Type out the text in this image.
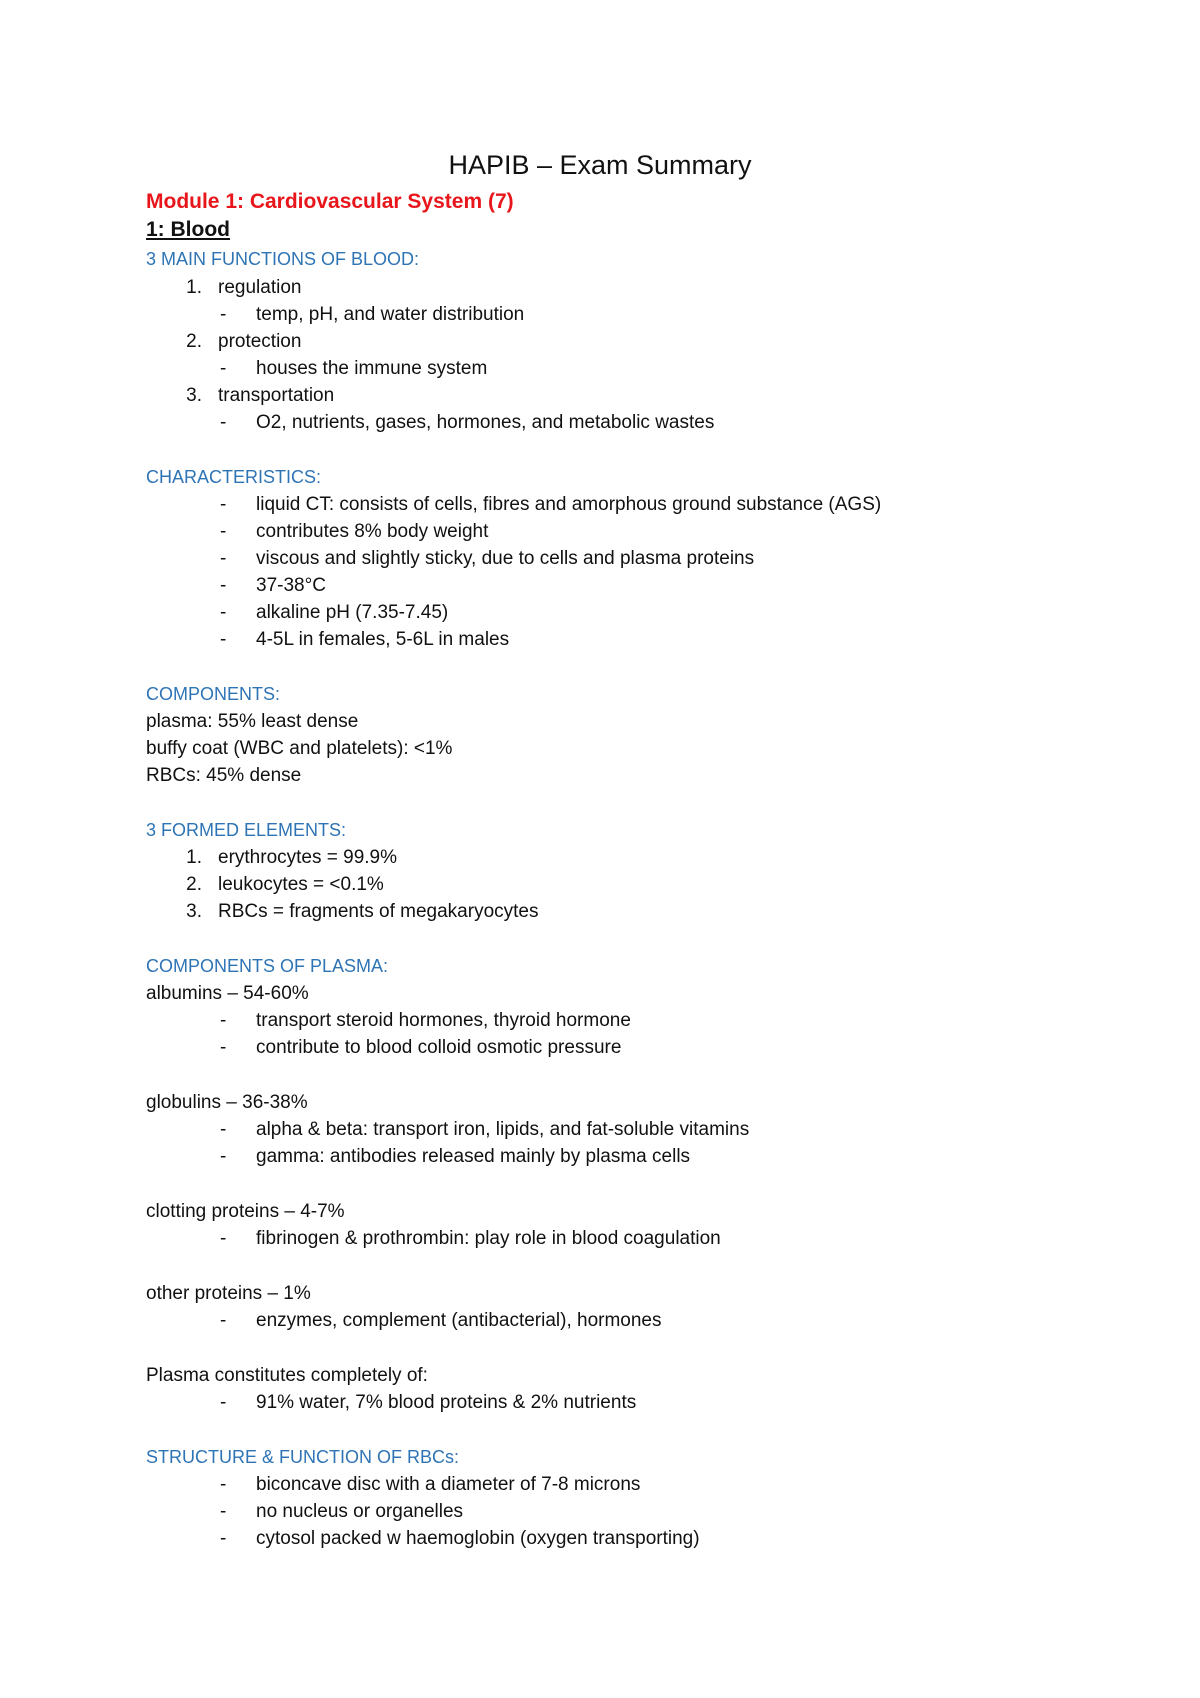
HAPIB – Exam Summary
Module 1: Cardiovascular System (7)
1: Blood
3 MAIN FUNCTIONS OF BLOOD:
1. regulation
- temp, pH, and water distribution
2. protection
- houses the immune system
3. transportation
- O2, nutrients, gases, hormones, and metabolic wastes
CHARACTERISTICS:
- liquid CT: consists of cells, fibres and amorphous ground substance (AGS)
- contributes 8% body weight
- viscous and slightly sticky, due to cells and plasma proteins
- 37-38°C
- alkaline pH (7.35-7.45)
- 4-5L in females, 5-6L in males
COMPONENTS:
plasma: 55% least dense
buffy coat (WBC and platelets): <1%
RBCs: 45% dense
3 FORMED ELEMENTS:
1. erythrocytes = 99.9%
2. leukocytes = <0.1%
3. RBCs = fragments of megakaryocytes
COMPONENTS OF PLASMA:
albumins – 54-60%
- transport steroid hormones, thyroid hormone
- contribute to blood colloid osmotic pressure
globulins – 36-38%
- alpha & beta: transport iron, lipids, and fat-soluble vitamins
- gamma: antibodies released mainly by plasma cells
clotting proteins – 4-7%
- fibrinogen & prothrombin: play role in blood coagulation
other proteins – 1%
- enzymes, complement (antibacterial), hormones
Plasma constitutes completely of:
- 91% water, 7% blood proteins & 2% nutrients
STRUCTURE & FUNCTION OF RBCs:
- biconcave disc with a diameter of 7-8 microns
- no nucleus or organelles
- cytosol packed w haemoglobin (oxygen transporting)
